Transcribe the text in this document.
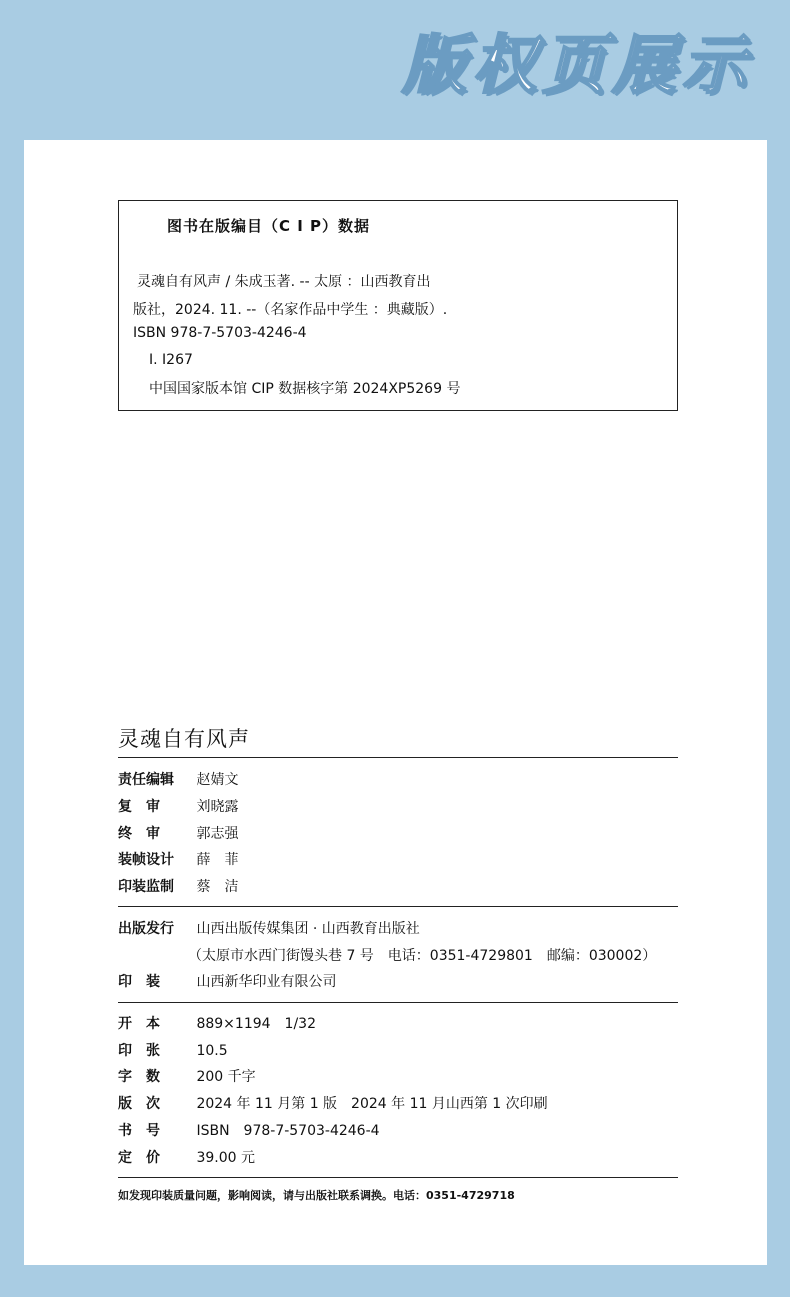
版权页展示
图书在版编目（C I P）数据
灵魂自有风声 / 朱成玉著. -- 太原 ：山西教育出
版社，2024. 11. --（名家作品中学生 ：典藏版）.
ISBN 978-7-5703-4246-4
Ⅰ. I267
中国国家版本馆 CIP 数据核字第 2024XP5269 号
灵魂自有风声
责任编辑 赵婧文
复　审	刘晓露
终　审	郭志强
装帧设计 薛　菲
印装监制 蔡　洁
出版发行 山西出版传媒集团 · 山西教育出版社
（太原市水西门街馒头巷 7 号　电话：0351-4729801　邮编：030002）
印　装	山西新华印业有限公司
开　本	889×1194　1/32
印　张	10.5
字　数	200 千字
版　次	2024 年 11 月第 1 版　2024 年 11 月山西第 1 次印刷
书　号	ISBN　978-7-5703-4246-4
定　价	39.00 元
如发现印装质量问题，影响阅读，请与出版社联系调换。电话：0351-4729718
